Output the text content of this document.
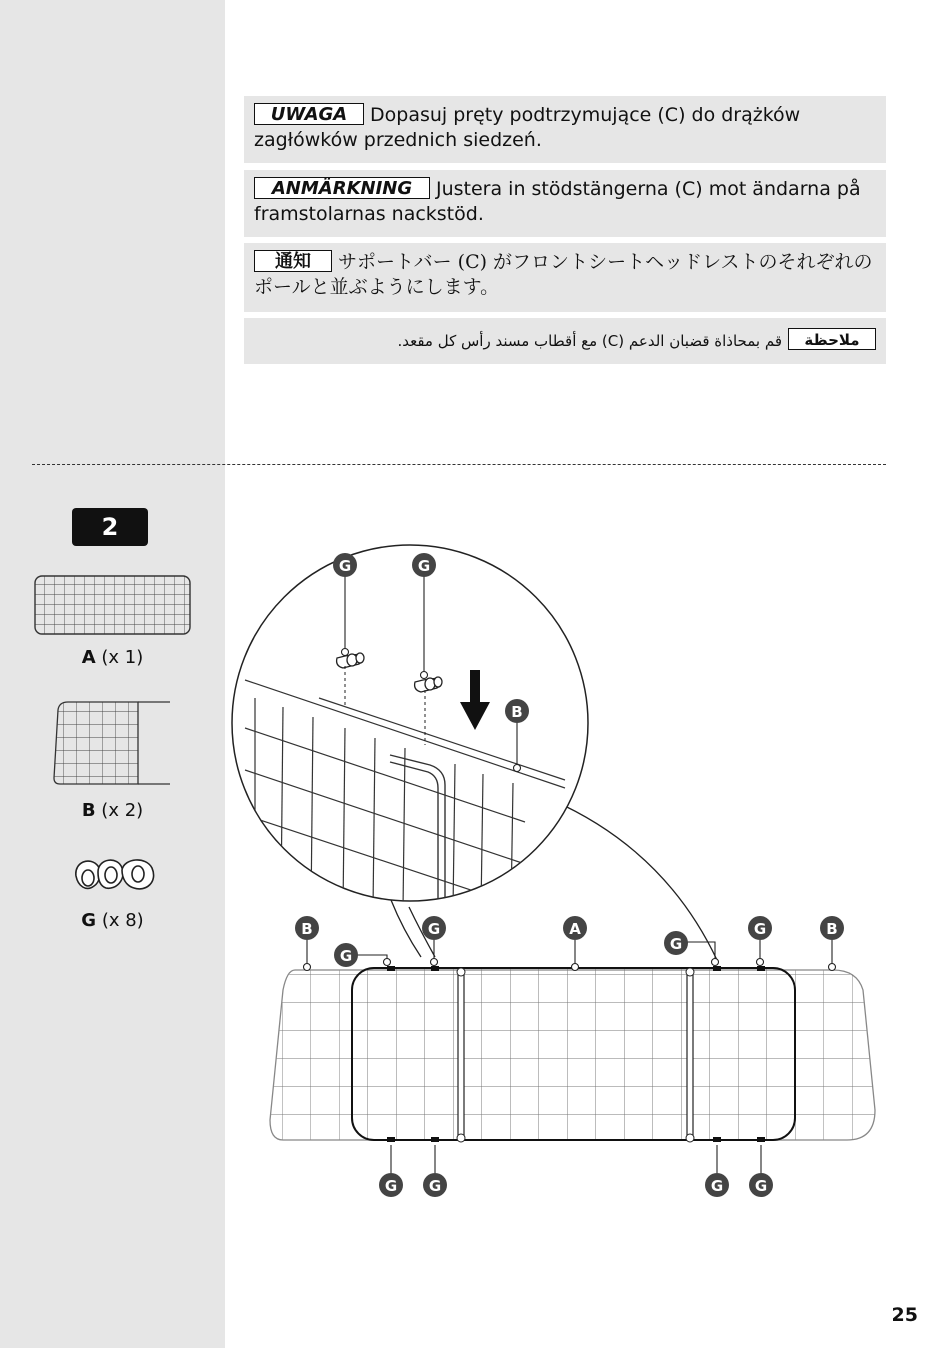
UWAGA Dopasuj pręty podtrzymujące (C) do drążków zagłówków przednich siedzeń.
ANMÄRKNING Justera in stödstängerna (C) mot ändarna på framstolarnas nackstöd.
通知 サポートバー (C) がフロントシートヘッドレストのそれぞれのポールと並ぶようにします。
ملاحظةقم بمحاذاة قضبان الدعم (C) مع أقطاب مسند رأس كل مقعد.
2
A (x 1)
B (x 2)
G (x 8)
G	G
B
B	G	A	G	B
G
G
G G	G G
25
